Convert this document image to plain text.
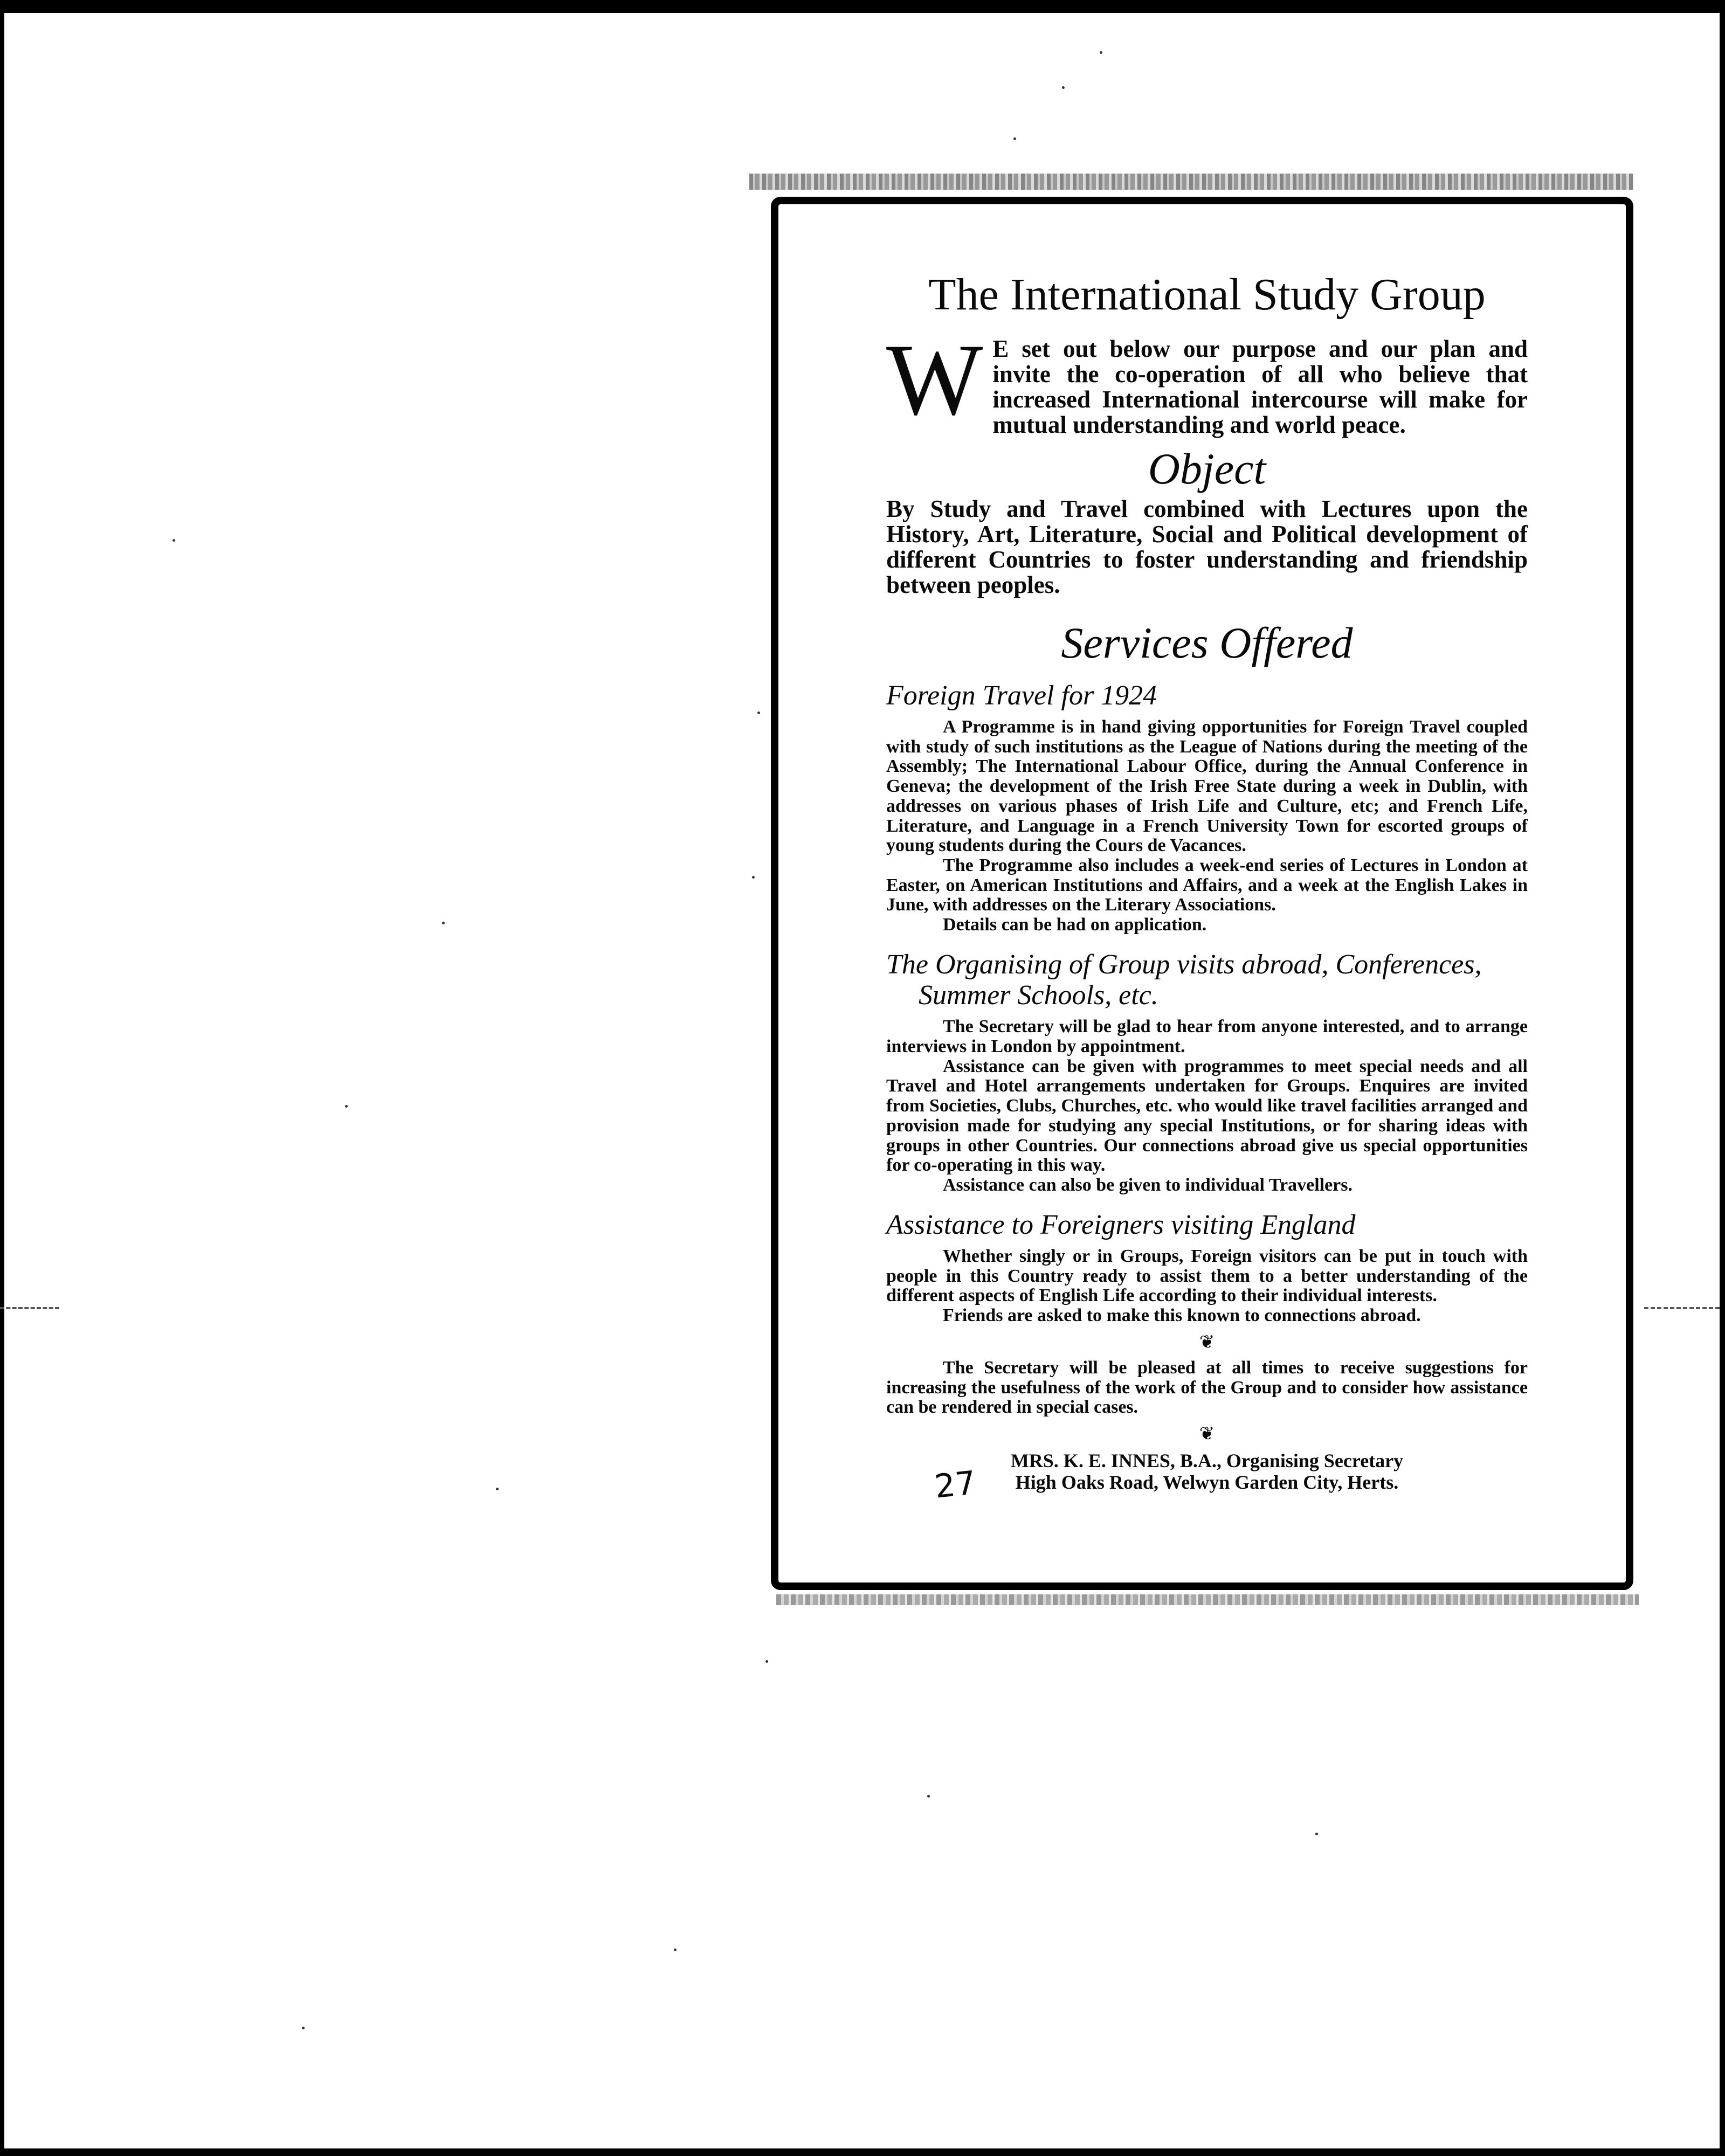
The International Study Group
W E set out below our purpose and our plan and invite the co-operation of all who believe that increased International intercourse will make for mutual understanding and world peace.
Object
By Study and Travel combined with Lectures upon the History, Art, Literature, Social and Political development of different Countries to foster understanding and friendship between peoples.
Services Offered
Foreign Travel for 1924

A Programme is in hand giving opportunities for Foreign Travel coupled with study of such institutions as the League of Nations during the meeting of the Assembly; The International Labour Office, during the Annual Conference in Geneva; the development of the Irish Free State during a week in Dublin, with addresses on various phases of Irish Life and Culture, etc; and French Life, Literature, and Language in a French University Town for escorted groups of young students during the Cours de Vacances.

The Programme also includes a week-end series of Lectures in London at Easter, on American Institutions and Affairs, and a week at the English Lakes in June, with addresses on the Literary Associations.

Details can be had on application.

The Organising of Group visits abroad, Conferences,
Summer Schools, etc.

The Secretary will be glad to hear from anyone interested, and to arrange interviews in London by appointment.

Assistance can be given with programmes to meet special needs and all Travel and Hotel arrangements undertaken for Groups. Enquires are invited from Societies, Clubs, Churches, etc. who would like travel facilities arranged and provision made for studying any special Institutions, or for sharing ideas with groups in other Countries. Our connections abroad give us special opportunities for co-operating in this way.

Assistance can also be given to individual Travellers.

Assistance to Foreigners visiting England

Whether singly or in Groups, Foreign visitors can be put in touch with people in this Country ready to assist them to a better understanding of the different aspects of English Life according to their individual interests.

Friends are asked to make this known to connections abroad.

❦

The Secretary will be pleased at all times to receive suggestions for increasing the usefulness of the work of the Group and to consider how assistance can be rendered in special cases.

❦
MRS. K. E. INNES, B.A., Organising Secretary
High Oaks Road, Welwyn Garden City, Herts.
27
